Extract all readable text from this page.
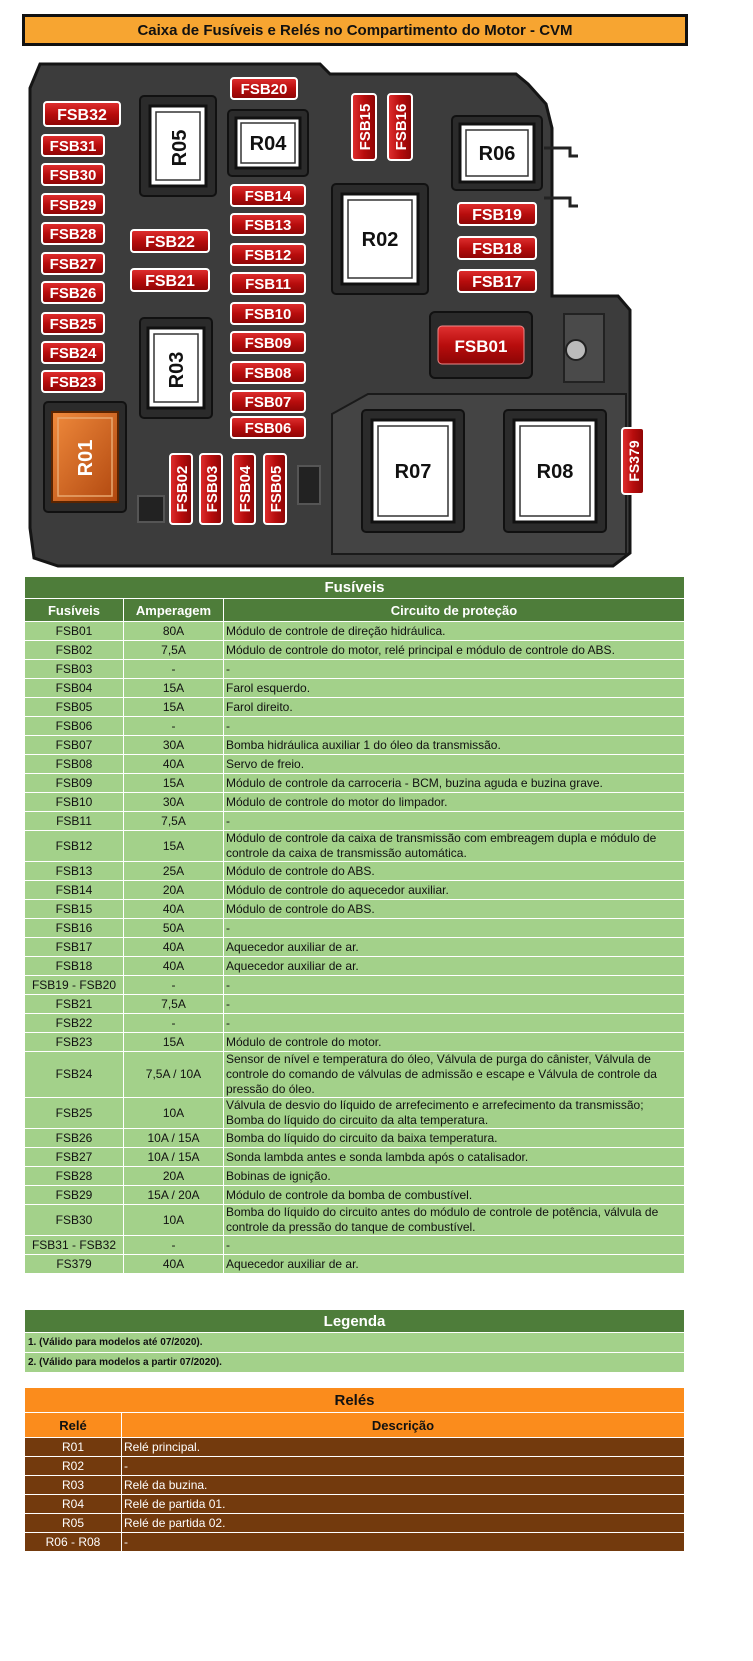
Caixa de Fusíveis e Relés no Compartimento do Motor - CVM
FSB32
FSB31
FSB30
FSB29
FSB28
FSB27
FSB26
FSB25
FSB24
FSB23
FSB22
FSB21
FSB20
FSB14
FSB13
FSB12
FSB11
FSB10
FSB09
FSB08
FSB07
FSB06
FSB19
FSB18
FSB17
FSB01
FSB15 FSB16
FSB02 FSB03 FSB04 FSB05
FS379
R05	R04	R06
R02
R03
R01	R07	R08
Fusíveis		
Fusíveis	Amperagem	Circuito de proteção
FSB01	80A	Módulo de controle de direção hidráulica.
FSB02	7,5A	Módulo de controle do motor, relé principal e módulo de controle do ABS.
FSB03	-	-
FSB04	15A	Farol esquerdo.
FSB05	15A	Farol direito.
FSB06	-	-
FSB07	30A	Bomba hidráulica auxiliar 1 do óleo da transmissão.
FSB08	40A	Servo de freio.
FSB09	15A	Módulo de controle da carroceria - BCM, buzina aguda e buzina grave.
FSB10	30A	Módulo de controle do motor do limpador.
FSB11	7,5A	-
FSB12	15A	Módulo de controle da caixa de transmissão com embreagem dupla e módulo de controle da caixa de transmissão automática.
FSB13	25A	Módulo de controle do ABS.
FSB14	20A	Módulo de controle do aquecedor auxiliar.
FSB15	40A	Módulo de controle do ABS.
FSB16	50A	-
FSB17	40A	Aquecedor auxiliar de ar.
FSB18	40A	Aquecedor auxiliar de ar.
FSB19 - FSB20	-	-
FSB21	7,5A	-
FSB22	-	-
FSB23	15A	Módulo de controle do motor.
FSB24	7,5A / 10A	Sensor de nível e temperatura do óleo, Válvula de purga do cânister, Válvula de controle do comando de válvulas de admissão e escape e Válvula de controle da pressão do óleo.
FSB25	10A	Válvula de desvio do líquido de arrefecimento e arrefecimento da transmissão; Bomba do líquido do circuito da alta temperatura.
FSB26	10A / 15A	Bomba do líquido do circuito da baixa temperatura.
FSB27	10A / 15A	Sonda lambda antes e sonda lambda após o catalisador.
FSB28	20A	Bobinas de ignição.
FSB29	15A / 20A	Módulo de controle da bomba de combustível.
FSB30	10A	Bomba do líquido do circuito antes do módulo de controle de potência, válvula de controle da pressão do tanque de combustível.
FSB31 - FSB32	-	-
FS379	40A	Aquecedor auxiliar de ar.
Legenda
1. (Válido para modelos até 07/2020).
2. (Válido para modelos a partir 07/2020).
Relés	
Relé	Descrição
R01	Relé principal.
R02	-
R03	Relé da buzina.
R04	Relé de partida 01.
R05	Relé de partida 02.
R06 - R08	-
